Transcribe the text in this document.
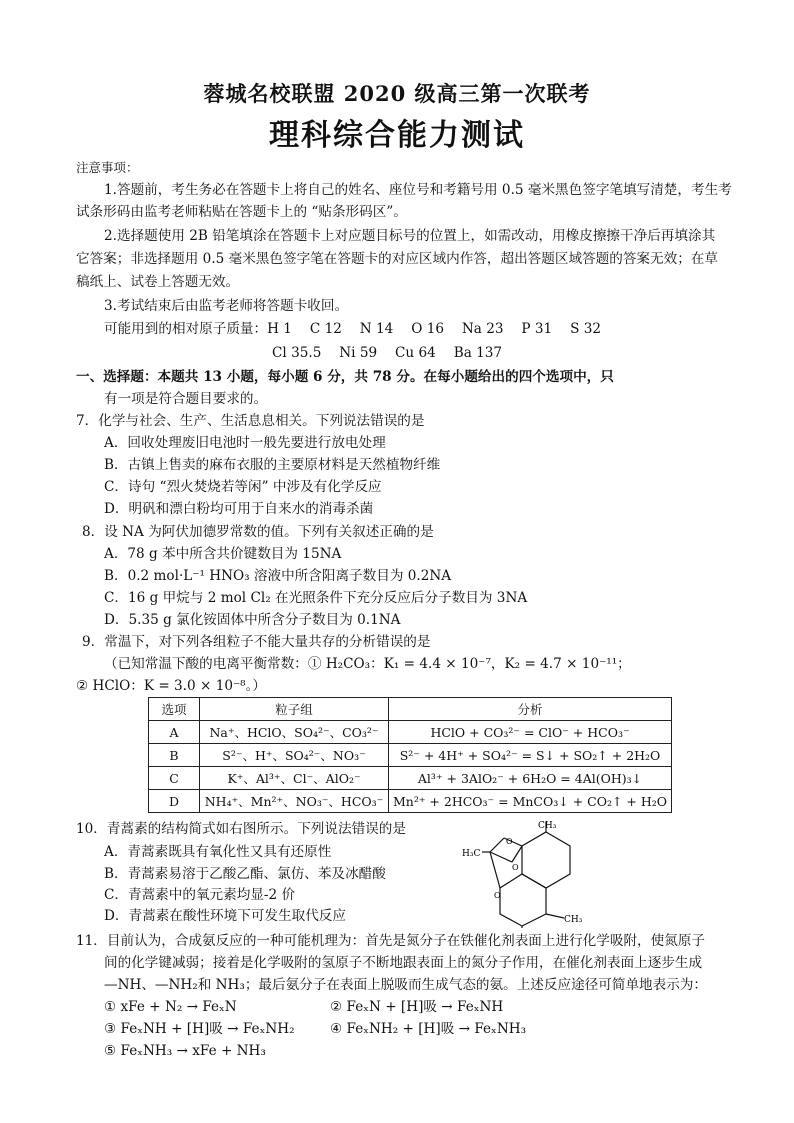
蓉城名校联盟 2020 级高三第一次联考
理科综合能力测试
注意事项：
1.答题前，考生务必在答题卡上将自己的姓名、座位号和考籍号用 0.5 毫米黑色签字笔填写清楚，考生考
试条形码由监考老师粘贴在答题卡上的 “贴条形码区”。
2.选择题使用 2B 铅笔填涂在答题卡上对应题目标号的位置上，如需改动，用橡皮擦擦干净后再填涂其
它答案；非选择题用 0.5 毫米黑色签字笔在答题卡的对应区域内作答，超出答题区域答题的答案无效；在草
稿纸上、试卷上答题无效。
3.考试结束后由监考老师将答题卡收回。
可能用到的相对原子质量：H 1　 C 12　 N 14　 O 16　 Na 23　 P 31　 S 32
Cl 35.5　 Ni 59　 Cu 64　 Ba 137
一、选择题：本题共 13 小题，每小题 6 分，共 78 分。在每小题给出的四个选项中，只
有一项是符合题目要求的。
7．化学与社会、生产、生活息息相关。下列说法错误的是
A．回收处理废旧电池时一般先要进行放电处理
B．古镇上售卖的麻布衣服的主要原材料是天然植物纤维
C．诗句 “烈火焚烧若等闲” 中涉及有化学反应
D．明矾和漂白粉均可用于自来水的消毒杀菌
8．设 NA 为阿伏加德罗常数的值。下列有关叙述正确的是
A．78 g 苯中所含共价键数目为 15NA
B．0.2 mol·L⁻¹ HNO₃ 溶液中所含阳离子数目为 0.2NA
C．16 g 甲烷与 2 mol Cl₂ 在光照条件下充分反应后分子数目为 3NA
D．5.35 g 氯化铵固体中所含分子数目为 0.1NA
9．常温下，对下列各组粒子不能大量共存的分析错误的是
（已知常温下酸的电离平衡常数：① H₂CO₃：K₁ = 4.4 × 10⁻⁷，K₂ = 4.7 × 10⁻¹¹；
② HClO：K = 3.0 × 10⁻⁸。）
选项	粒子组	分析
A	Na⁺、HClO、SO₄²⁻、CO₃²⁻	HClO + CO₃²⁻ = ClO⁻ + HCO₃⁻
B	S²⁻、H⁺、SO₄²⁻、NO₃⁻	S²⁻ + 4H⁺ + SO₄²⁻ = S↓ + SO₂↑ + 2H₂O
C	K⁺、Al³⁺、Cl⁻、AlO₂⁻	Al³⁺ + 3AlO₂⁻ + 6H₂O = 4Al(OH)₃↓
D	NH₄⁺、Mn²⁺、NO₃⁻、HCO₃⁻	Mn²⁺ + 2HCO₃⁻ = MnCO₃↓ + CO₂↑ + H₂O
10．青蒿素的结构简式如右图所示。下列说法错误的是
A．青蒿素既具有氧化性又具有还原性
B．青蒿素易溶于乙酸乙酯、氯仿、苯及冰醋酸
C．青蒿素中的氧元素均显-2 价
D．青蒿素在酸性环境下可发生取代反应
CH₃
H₃C
CH₃
O
O
O
11．目前认为，合成氨反应的一种可能机理为：首先是氮分子在铁催化剂表面上进行化学吸附，使氮原子
间的化学键减弱；接着是化学吸附的氢原子不断地跟表面上的氮分子作用，在催化剂表面上逐步生成
—NH、—NH₂和 NH₃；最后氨分子在表面上脱吸而生成气态的氨。上述反应途径可简单地表示为：
① xFe + N₂ → FeₓN	② FeₓN + [H]吸 → FeₓNH
③ FeₓNH + [H]吸 → FeₓNH₂	④ FeₓNH₂ + [H]吸 → FeₓNH₃
⑤ FeₓNH₃ → xFe + NH₃
